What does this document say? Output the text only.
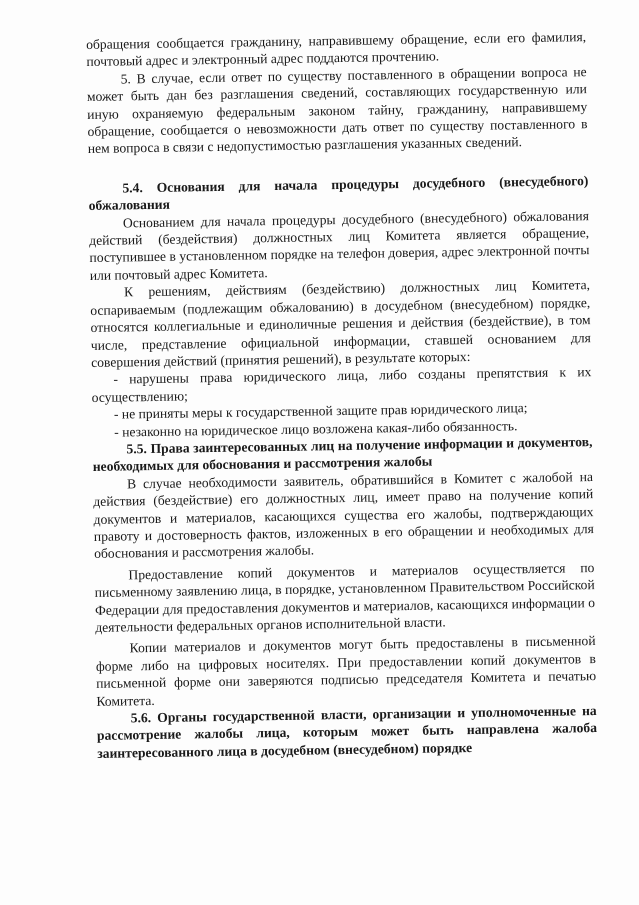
обращения сообщается гражданину, направившему обращение, если его фамилия, почтовый адрес и электронный адрес поддаются прочтению.

5. В случае, если ответ по существу поставленного в обращении вопроса не может быть дан без разглашения сведений, составляющих государственную или иную охраняемую федеральным законом тайну, гражданину, направившему обращение, сообщается о невозможности дать ответ по существу поставленного в нем вопроса в связи с недопустимостью разглашения указанных сведений.

5.4. Основания для начала процедуры досудебного (внесудебного) обжалования

Основанием для начала процедуры досудебного (внесудебного) обжалования действий (бездействия) должностных лиц Комитета является обращение, поступившее в установленном порядке на телефон доверия, адрес электронной почты или почтовый адрес Комитета.

К решениям, действиям (бездействию) должностных лиц Комитета, оспариваемым (подлежащим обжалованию) в досудебном (внесудебном) порядке, относятся коллегиальные и единоличные решения и действия (бездействие), в том числе, представление официальной информации, ставшей основанием для совершения действий (принятия решений), в результате которых:

- нарушены права юридического лица, либо созданы препятствия к их осуществлению;

- не приняты меры к государственной защите прав юридического лица;

- незаконно на юридическое лицо возложена какая-либо обязанность.

5.5. Права заинтересованных лиц на получение информации и документов, необходимых для обоснования и рассмотрения жалобы

В случае необходимости заявитель, обратившийся в Комитет с жалобой на действия (бездействие) его должностных лиц, имеет право на получение копий документов и материалов, касающихся существа его жалобы, подтверждающих правоту и достоверность фактов, изложенных в его обращении и необходимых для обоснования и рассмотрения жалобы.

Предоставление копий документов и материалов осуществляется по письменному заявлению лица, в порядке, установленном Правительством Российской Федерации для предоставления документов и материалов, касающихся информации о деятельности федеральных органов исполнительной власти.

Копии материалов и документов могут быть предоставлены в письменной форме либо на цифровых носителях. При предоставлении копий документов в письменной форме они заверяются подписью председателя Комитета и печатью Комитета.

5.6. Органы государственной власти, организации и уполномоченные на рассмотрение жалобы лица, которым может быть направлена жалоба заинтересованного лица в досудебном (внесудебном) порядке
